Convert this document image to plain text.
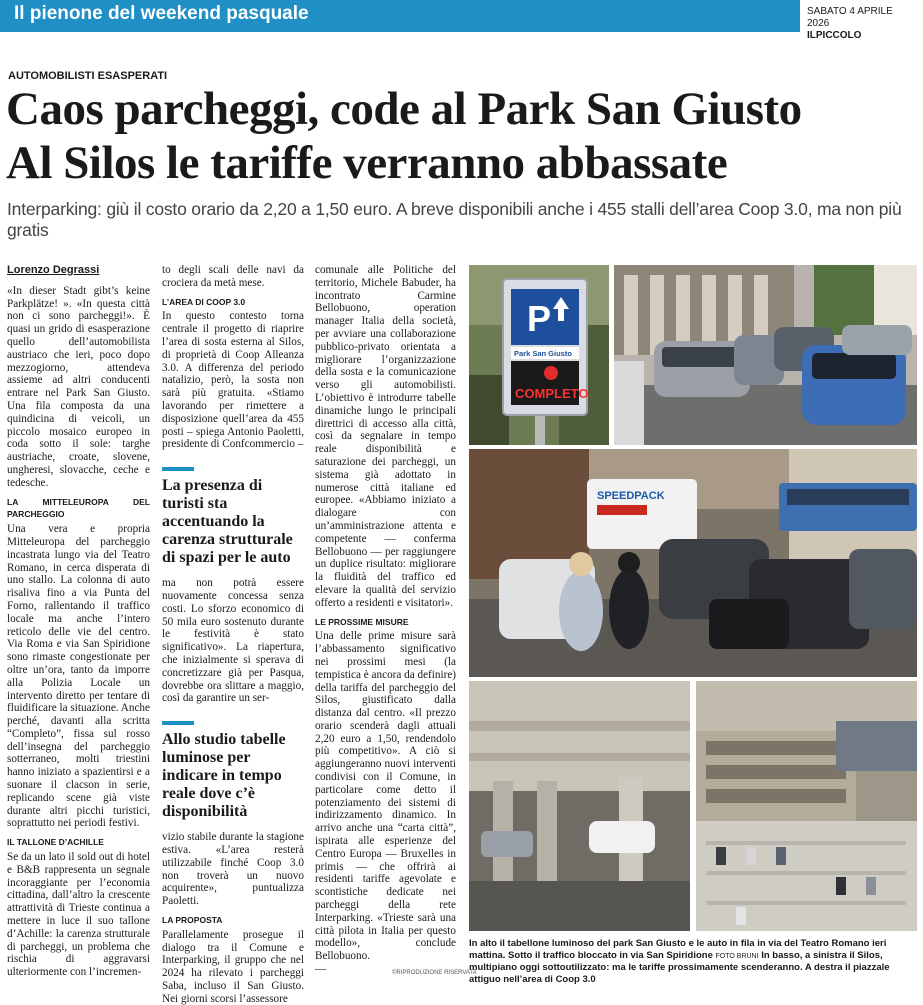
Il pienone del weekend pasquale	SABATO 4 APRILE 2026
ILPICCOLO
AUTOMOBILISTI ESASPERATI
Caos parcheggi, code al Park San Giusto
Al Silos le tariffe verranno abbassate
Interparking: giù il costo orario da 2,20 a 1,50 euro. A breve disponibili anche i 455 stalli dell’area Coop 3.0, ma non più gratis

Lorenzo Degrassi

«In dieser Stadt gibt’s keine Parkplätze! ». «In questa città non ci sono parcheggi!». È quasi un grido di esasperazione quello dell’automobilista austriaco che ieri, poco dopo mezzogiorno, attendeva assieme ad altri conducenti entrare nel Park San Giusto. Una fila composta da una quindicina di veicoli, un piccolo mosaico europeo in coda sotto il sole: targhe austriache, croate, slovene, ungheresi, slovacche, ceche e tedesche.

LA MITTELEUROPA DEL PARCHEGGIO

Una vera e propria Mitteleuropa del parcheggio incastrata lungo via del Teatro Romano, in cerca disperata di uno stallo. La colonna di auto risaliva fino a via Punta del Forno, rallentando il traffico locale ma anche l’intero reticolo delle vie del centro. Via Roma e via San Spiridione sono rimaste congestionate per oltre un’ora, tanto da imporre alla Polizia Locale un intervento diretto per tentare di fluidificare la situazione. Anche perché, davanti alla scritta “Completo”, fissa sul rosso dell’insegna del parcheggio sotterraneo, molti triestini hanno iniziato a spazientirsi e a suonare il clacson in serie, replicando scene già viste durante altri picchi turistici, soprattutto nei periodi festivi.

IL TALLONE D’ACHILLE

Se da un lato il sold out di hotel e B&B rappresenta un segnale incoraggiante per l’economia cittadina, dall’altro la crescente attrattività di Trieste continua a mettere in luce il suo tallone d’Achille: la carenza strutturale di parcheggi, un problema che rischia di aggravarsi ulteriormente con l’incremen-

to degli scali delle navi da crociera da metà mese.

L’AREA DI COOP 3.0

In questo contesto torna centrale il progetto di riaprire l’area di sosta esterna al Silos, di proprietà di Coop Alleanza 3.0. A differenza del periodo natalizio, però, la sosta non sarà più gratuita. «Stiamo lavorando per rimettere a disposizione quell’area da 455 posti – spiega Antonio Paoletti, presidente di Confcommercio –

La presenza di turisti sta accentuando la carenza strutturale di spazi per le auto

ma non potrà essere nuovamente concessa senza costi. Lo sforzo economico di 50 mila euro sostenuto durante le festività è stato significativo». La riapertura, che inizialmente si sperava di concretizzare già per Pasqua, dovrebbe ora slittare a maggio, così da garantire un ser-

Allo studio tabelle luminose per indicare in tempo reale dove c’è disponibilità

vizio stabile durante la stagione estiva. «L’area resterà utilizzabile finché Coop 3.0 non troverà un nuovo acquirente», puntualizza Paoletti.

LA PROPOSTA

Parallelamente prosegue il dialogo tra il Comune e Interparking, il gruppo che nel 2024 ha rilevato i parcheggi Saba, incluso il San Giusto. Nei giorni scorsi l’assessore

comunale alle Politiche del territorio, Michele Babuder, ha incontrato Carmine Bellobuono, operation manager Italia della società, per avviare una collaborazione pubblico-privato orientata a migliorare l’organizzazione della sosta e la comunicazione verso gli automobilisti. L’obiettivo è introdurre tabelle dinamiche lungo le principali direttrici di accesso alla città, così da segnalare in tempo reale disponibilità e saturazione dei parcheggi, un sistema già adottato in numerose città italiane ed europee. «Abbiamo iniziato a dialogare con un’amministrazione attenta e competente — conferma Bellobuono — per raggiungere un duplice risultato: migliorare la fluidità del traffico ed elevare la qualità del servizio offerto a residenti e visitatori».

LE PROSSIME MISURE

Una delle prime misure sarà l’abbassamento significativo nei prossimi mesi (la tempistica è ancora da definire) della tariffa del parcheggio del Silos, giustificato dalla distanza dal centro. «Il prezzo orario scenderà dagli attuali 2,20 euro a 1,50, rendendolo più competitivo». A ciò si aggiungeranno nuovi interventi condivisi con il Comune, in particolare come detto il potenziamento dei sistemi di indirizzamento dinamico. In arrivo anche una “carta città”, ispirata alle esperienze del Centro Europa — Bruxelles in primis — che offrirà ai residenti tariffe agevolate e scontistiche dedicate nei parcheggi della rete Interparking. «Trieste sarà una città pilota in Italia per questo modello», conclude Bellobuono.

—

P
Park San Giusto
COMPLETO
SPEEDPACK
In alto il tabellone luminoso del park San Giusto e le auto in fila in via del Teatro Romano ieri mattina. Sotto il traffico bloccato in via San Spiridione FOTO BRUNI In basso, a sinistra il Silos, multipiano oggi sottoutilizzato: ma le tariffe prossimamente scenderanno. A destra il piazzale attiguo nell’area di Coop 3.0
©RIPRODUZIONE RISERVATA
